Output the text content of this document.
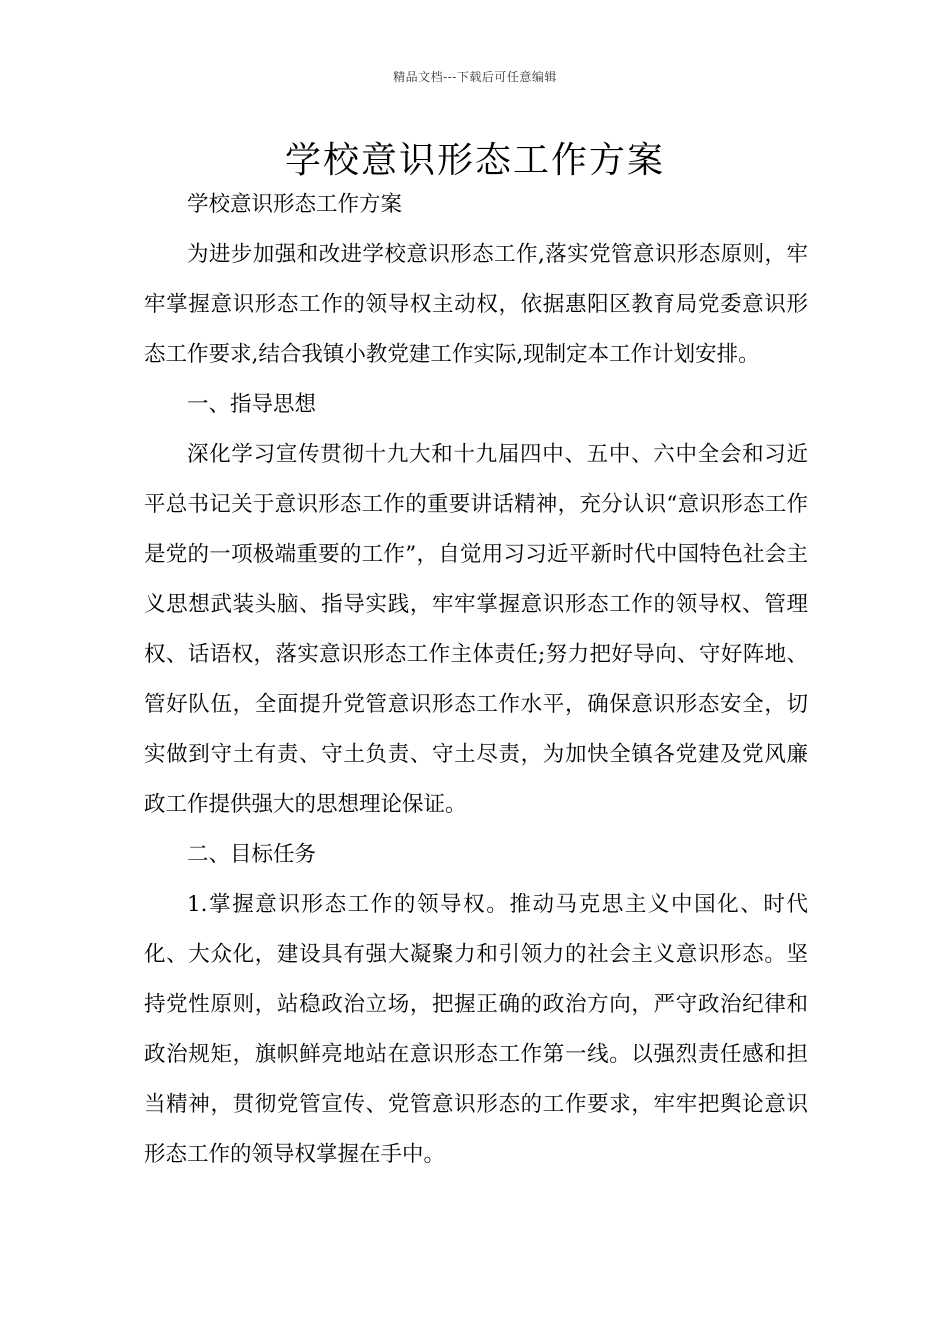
精品文档---下载后可任意编辑
学校意识形态工作方案

学校意识形态工作方案

为进步加强和改进学校意识形态工作,落实党管意识形态原则，牢牢掌握意识形态工作的领导权主动权，依据惠阳区教育局党委意识形态工作要求,结合我镇小教党建工作实际,现制定本工作计划安排。

一、指导思想

深化学习宣传贯彻十九大和十九届四中、五中、六中全会和习近平总书记关于意识形态工作的重要讲话精神，充分认识“意识形态工作是党的一项极端重要的工作”，自觉用习习近平新时代中国特色社会主义思想武装头脑、指导实践，牢牢掌握意识形态工作的领导权、管理权、话语权，落实意识形态工作主体责任;努力把好导向、守好阵地、管好队伍，全面提升党管意识形态工作水平，确保意识形态安全，切实做到守土有责、守土负责、守土尽责，为加快全镇各党建及党风廉政工作提供强大的思想理论保证。

二、目标任务

1.掌握意识形态工作的领导权。推动马克思主义中国化、时代化、大众化，建设具有强大凝聚力和引领力的社会主义意识形态。坚持党性原则，站稳政治立场，把握正确的政治方向，严守政治纪律和政治规矩，旗帜鲜亮地站在意识形态工作第一线。以强烈责任感和担当精神，贯彻党管宣传、党管意识形态的工作要求，牢牢把舆论意识形态工作的领导权掌握在手中。
